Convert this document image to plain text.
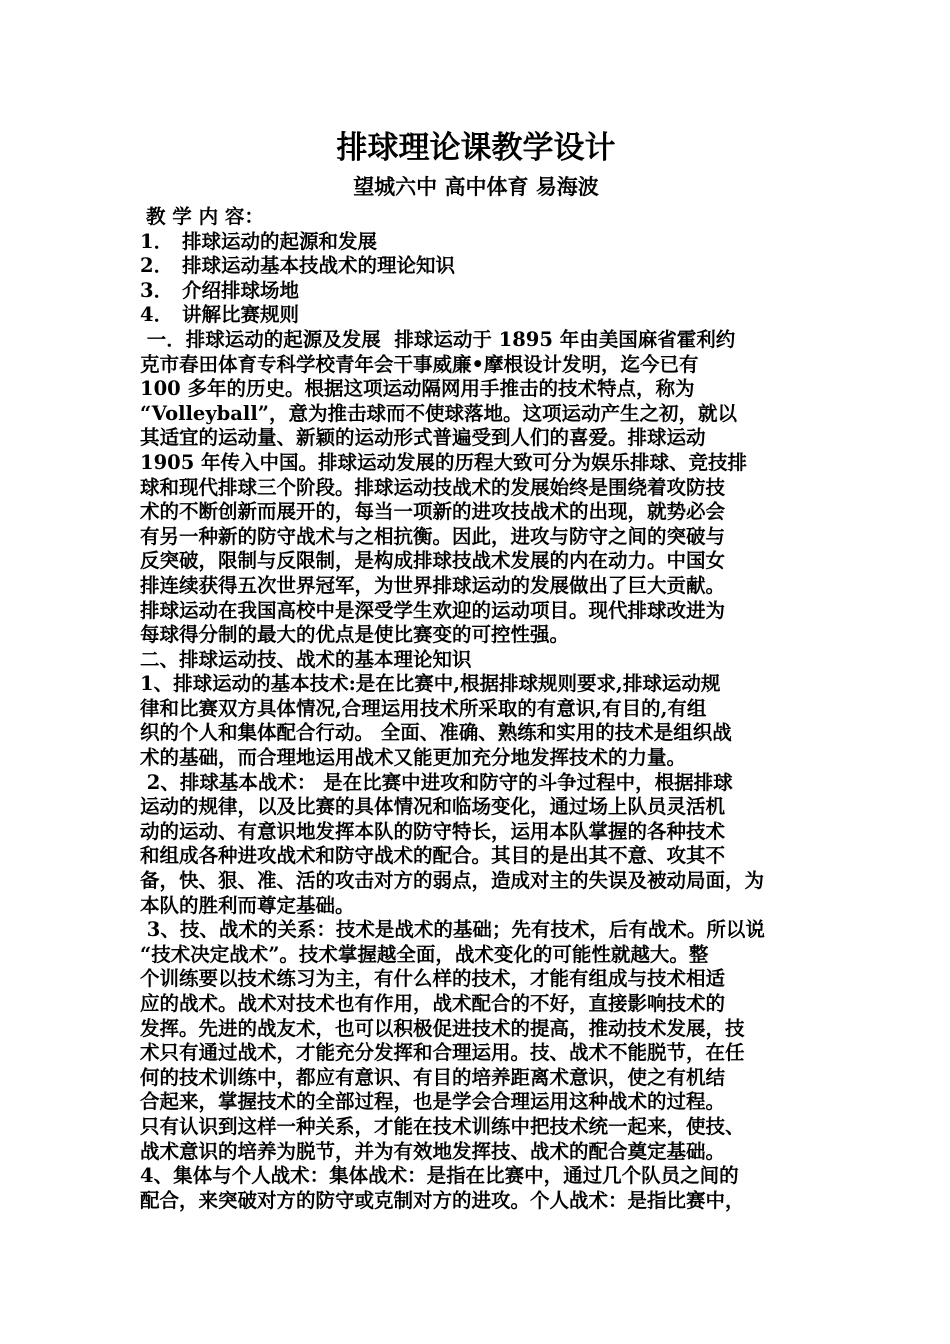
排球理论课教学设计
望城六中 高中体育 易海波
教 学 内 容：
1． 排球运动的起源和发展
2． 排球运动基本技战术的理论知识
3． 介绍排球场地
4． 讲解比赛规则
一．排球运动的起源及发展  排球运动于 1895 年由美国麻省霍利约
克市春田体育专科学校青年会干事威廉•摩根设计发明，迄今已有
100 多年的历史。根据这项运动隔网用手推击的技术特点，称为
“Volleyball”，意为推击球而不使球落地。这项运动产生之初，就以
其适宜的运动量、新颖的运动形式普遍受到人们的喜爱。排球运动
1905 年传入中国。排球运动发展的历程大致可分为娱乐排球、竞技排
球和现代排球三个阶段。排球运动技战术的发展始终是围绕着攻防技
术的不断创新而展开的，每当一项新的进攻技战术的出现，就势必会
有另一种新的防守战术与之相抗衡。因此，进攻与防守之间的突破与
反突破，限制与反限制，是构成排球技战术发展的内在动力。中国女
排连续获得五次世界冠军，为世界排球运动的发展做出了巨大贡献。
排球运动在我国高校中是深受学生欢迎的运动项目。现代排球改进为
每球得分制的最大的优点是使比赛变的可控性强。
二、排球运动技、战术的基本理论知识
1、排球运动的基本技术:是在比赛中,根据排球规则要求,排球运动规
律和比赛双方具体情况,合理运用技术所采取的有意识,有目的,有组
织的个人和集体配合行动。 全面、准确、熟练和实用的技术是组织战
术的基础，而合理地运用战术又能更加充分地发挥技术的力量。
2、排球基本战术： 是在比赛中进攻和防守的斗争过程中，根据排球
运动的规律，以及比赛的具体情况和临场变化，通过场上队员灵活机
动的运动、有意识地发挥本队的防守特长，运用本队掌握的各种技术
和组成各种进攻战术和防守战术的配合。其目的是出其不意、攻其不
备，快、狠、准、活的攻击对方的弱点，造成对主的失误及被动局面，为
本队的胜利而尊定基础。
3、技、战术的关系：技术是战术的基础；先有技术，后有战术。所以说
“技术决定战术”。技术掌握越全面，战术变化的可能性就越大。整
个训练要以技术练习为主，有什么样的技术，才能有组成与技术相适
应的战术。战术对技术也有作用，战术配合的不好，直接影响技术的
发挥。先进的战友术，也可以积极促进技术的提高，推动技术发展，技
术只有通过战术，才能充分发挥和合理运用。技、战术不能脱节，在任
何的技术训练中，都应有意识、有目的培养距离术意识，使之有机结
合起来，掌握技术的全部过程，也是学会合理运用这种战术的过程。
只有认识到这样一种关系，才能在技术训练中把技术统一起来，使技、
战术意识的培养为脱节，并为有效地发挥技、战术的配合奠定基础。
4、集体与个人战术：集体战术：是指在比赛中，通过几个队员之间的
配合，来突破对方的防守或克制对方的进攻。个人战术：是指比赛中，
